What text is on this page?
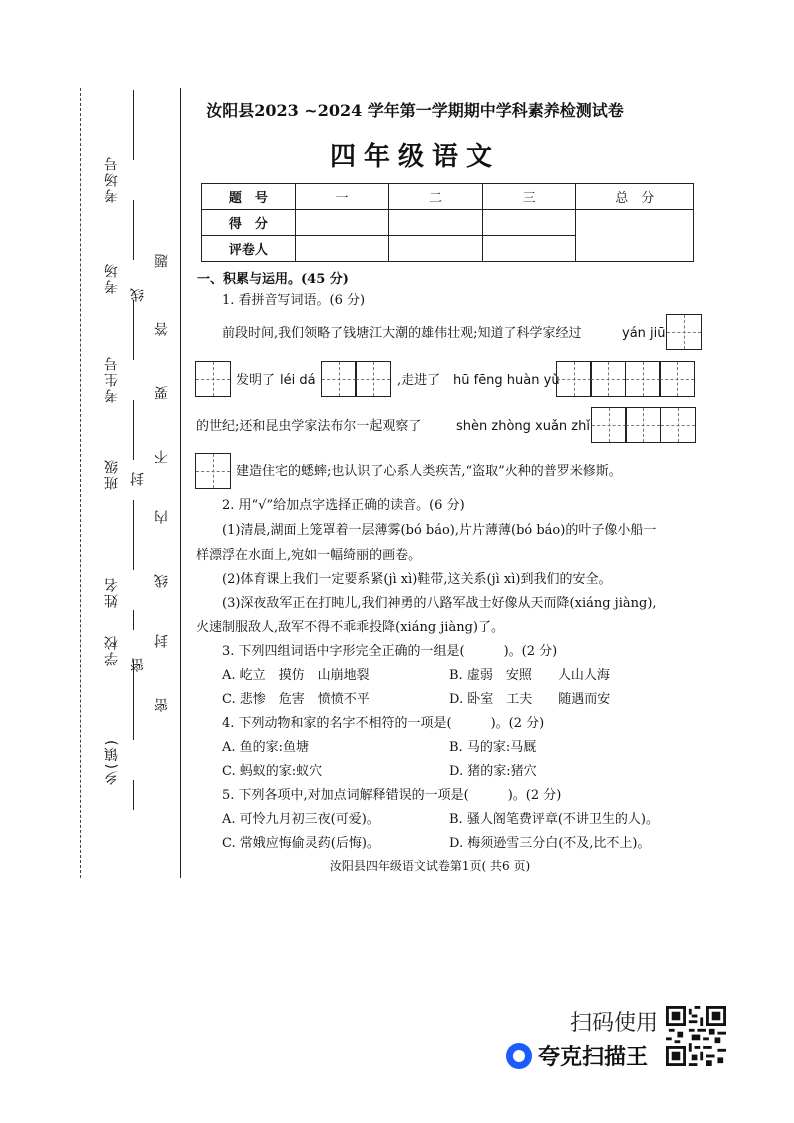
考场号
考场
考生号
班级
姓名
学校
乡(镇)
题
答
要
不
内
线
封
密
线
封
密
汝阳县2023 ~2024 学年第一学期期中学科素养检测试卷
四年级语文
题　号	一	二	三	总　分
得　分				
评卷人				
一、积累与运用。(45 分)
1. 看拼音写词语。(6 分)
前段时间,我们领略了钱塘江大潮的雄伟壮观;知道了科学家经过	yán jiū
发明了 léi dá	,走进了 hū fēng huàn yǔ
的世纪;还和昆虫学家法布尔一起观察了	shèn zhòng xuǎn zhǐ
建造住宅的蟋蟀;也认识了心系人类疾苦,“盗取”火种的普罗米修斯。
2. 用“√”给加点字选择正确的读音。(6 分)
(1)清晨,湖面上笼罩着一层薄雾(bó báo),片片薄薄(bó báo)的叶子像小船一
样漂浮在水面上,宛如一幅绮丽的画卷。
(2)体育课上我们一定要系紧(jì xì)鞋带,这关系(jì xì)到我们的安全。
(3)深夜敌军正在打盹儿,我们神勇的八路军战士好像从天而降(xiáng jiàng),
火速制服敌人,敌军不得不乖乖投降(xiáng jiàng)了。
3. 下列四组词语中字形完全正确的一组是(　　　)。(2 分)
A. 屹立　摸仿　山崩地裂	B. 虚弱　安照　　人山人海
C. 悲惨　危害　愤愤不平	D. 卧室　工夫　　随遇而安
4. 下列动物和家的名字不相符的一项是(　　　)。(2 分)
A. 鱼的家:鱼塘	B. 马的家:马厩
C. 蚂蚁的家:蚁穴	D. 猪的家:猪穴
5. 下列各项中,对加点词解释错误的一项是(　　　)。(2 分)
A. 可怜九月初三夜(可爱)。	B. 骚人阁笔费评章(不讲卫生的人)。
C. 常娥应悔偷灵药(后悔)。	D. 梅须逊雪三分白(不及,比不上)。
汝阳县四年级语文试卷第1页( 共6 页)
扫码使用
夸克扫描王
